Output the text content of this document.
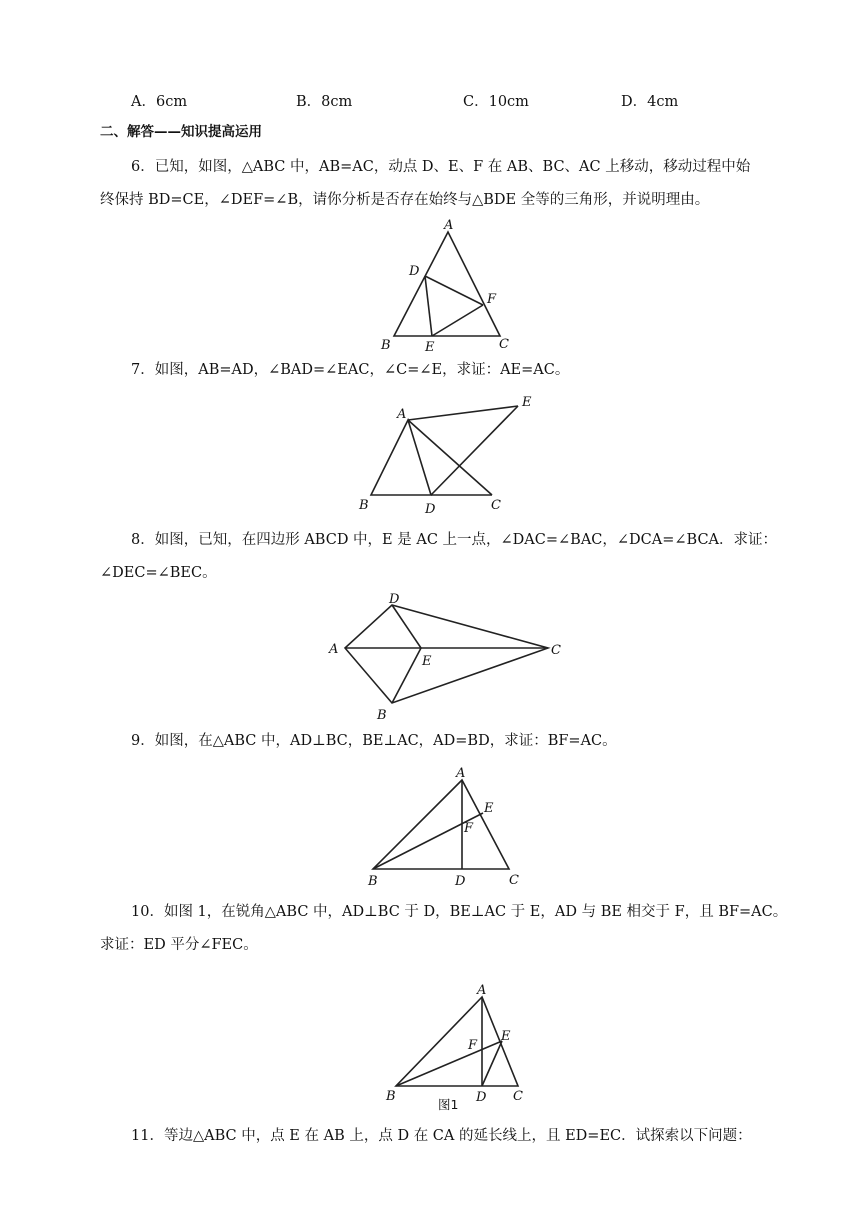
A．6cm	B．8cm	C．10cm	D．4cm
二、解答——知识提高运用
6．已知，如图，△ABC 中，AB=AC，动点 D、E、F 在 AB、BC、AC 上移动，移动过程中始
终保持 BD=CE，∠DEF=∠B，请你分析是否存在始终与△BDE 全等的三角形，并说明理由。
A
D
F
B	E	C
7．如图，AB=AD，∠BAD=∠EAC，∠C=∠E，求证：AE=AC。
A
E
B	D	C
8．如图，已知，在四边形 ABCD 中，E 是 AC 上一点，∠DAC=∠BAC，∠DCA=∠BCA．求证：
∠DEC=∠BEC。
D
A
E
C
B
9．如图，在△ABC 中，AD⊥BC，BE⊥AC，AD=BD，求证：BF=AC。
A
E
F
B	D	C
10．如图 1，在锐角△ABC 中，AD⊥BC 于 D，BE⊥AC 于 E，AD 与 BE 相交于 F，且 BF=AC。
求证：ED 平分∠FEC。
A
E
F
B	D C
图1
11．等边△ABC 中，点 E 在 AB 上，点 D 在 CA 的延长线上，且 ED=EC．试探索以下问题：
